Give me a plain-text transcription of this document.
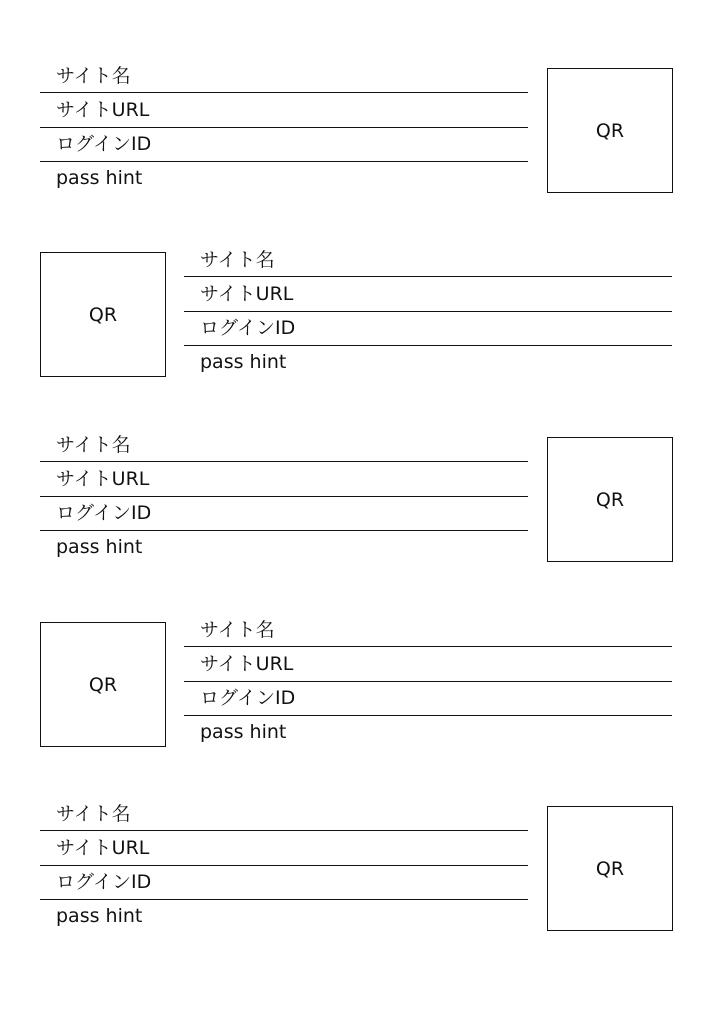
サイト名
サイトURL
ログインID
pass hint
QR
QR
サイト名
サイトURL
ログインID
pass hint
サイト名
サイトURL
ログインID
pass hint
QR
QR
サイト名
サイトURL
ログインID
pass hint
サイト名
サイトURL
ログインID
pass hint
QR
